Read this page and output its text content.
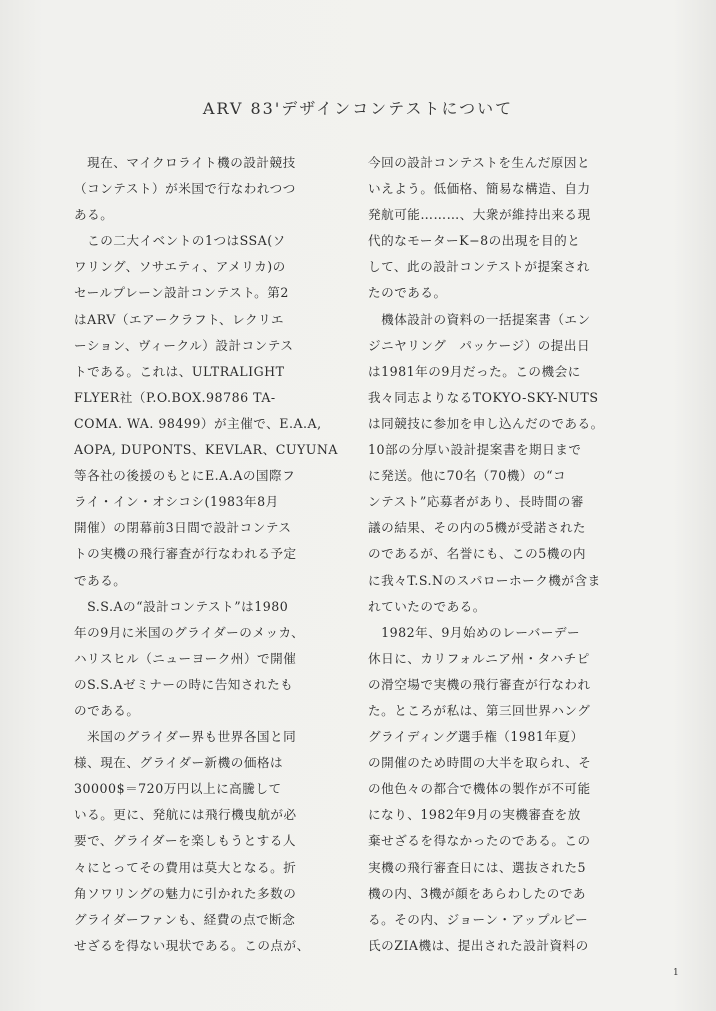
ARV 83'デザインコンテストについて
　現在、マイクロライト機の設計競技
（コンテスト）が米国で行なわれつつ
ある。
　この二大イベントの1つはSSA(ソ
ワリング、ソサエティ、アメリカ)の
セールプレーン設計コンテスト。第2
はARV（エアークラフト、レクリエ
ーション、ヴィークル）設計コンテス
トである。これは、ULTRALIGHT
FLYER社（P.O.BOX.98786 TA-
COMA. WA. 98499）が主催で、E.A.A,
AOPA, DUPONTS、KEVLAR、CUYUNA
等各社の後援のもとにE.A.Aの国際フ
ライ・イン・オシコシ(1983年8月
開催）の閉幕前3日間で設計コンテス
トの実機の飛行審査が行なわれる予定
である。
　S.S.Aの“設計コンテスト”は1980
年の9月に米国のグライダーのメッカ、
ハリスヒル（ニューヨーク州）で開催
のS.S.Aゼミナーの時に告知されたも
のである。
　米国のグライダー界も世界各国と同
様、現在、グライダー新機の価格は
30000$＝720万円以上に高騰して
いる。更に、発航には飛行機曳航が必
要で、グライダーを楽しもうとする人
々にとってその費用は莫大となる。折
角ソワリングの魅力に引かれた多数の
グライダーファンも、経費の点で断念
せざるを得ない現状である。この点が、
今回の設計コンテストを生んだ原因と
いえよう。低価格、簡易な構造、自力
発航可能………、大衆が維持出来る現
代的なモーターK−8の出現を目的と
して、此の設計コンテストが提案され
たのである。
　機体設計の資料の一括提案書（エン
ジニヤリング　パッケージ）の提出日
は1981年の9月だった。この機会に
我々同志よりなるTOKYO-SKY-NUTS
は同競技に参加を申し込んだのである。
10部の分厚い設計提案書を期日まで
に発送。他に70名（70機）の“コ
ンテスト”応募者があり、長時間の審
議の結果、その内の5機が受諾された
のであるが、名誉にも、この5機の内
に我々T.S.Nのスパローホーク機が含ま
れていたのである。
　1982年、9月始めのレーバーデー
休日に、カリフォルニア州・タハチピ
の滑空場で実機の飛行審査が行なわれ
た。ところが私は、第三回世界ハング
グライディング選手権（1981年夏）
の開催のため時間の大半を取られ、そ
の他色々の都合で機体の製作が不可能
になり、1982年9月の実機審査を放
棄せざるを得なかったのである。この
実機の飛行審査日には、選抜された5
機の内、3機が顔をあらわしたのであ
る。その内、ジョーン・アップルビー
氏のZIA機は、提出された設計資料の
1
